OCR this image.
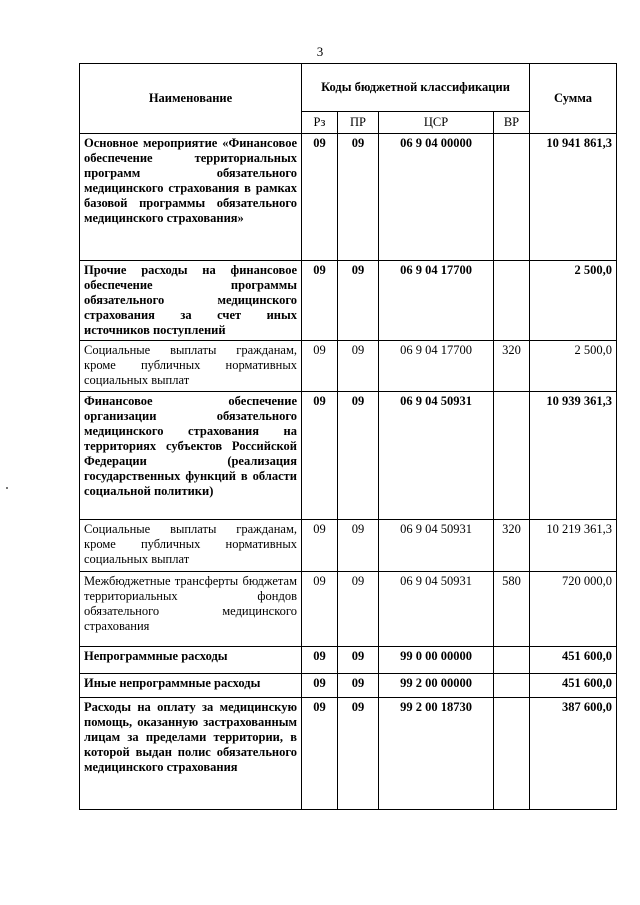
3
Наименование	Коды бюджетной классификации				Сумма
	Рз	ПР	ЦСР	ВР	
Основное мероприятие «Финансовое обеспечение территориальных программ обязательного медицинского страхования в рамках базовой программы обязательного медицинского страхования»	09	09	06 9 04 00000		10 941 861,3
Прочие расходы на финансовое обеспечение программы обязательного медицинского страхования за счет иных источников поступлений	09	09	06 9 04 17700		2 500,0
Социальные выплаты гражданам, кроме публичных нормативных социальных выплат	09	09	06 9 04 17700	320	2 500,0
Финансовое обеспечение организации обязательного медицинского страхования на территориях субъектов Российской Федерации (реализация государственных функций в области социальной политики)	09	09	06 9 04 50931		10 939 361,3
Социальные выплаты гражданам, кроме публичных нормативных социальных выплат	09	09	06 9 04 50931	320	10 219 361,3
Межбюджетные трансферты бюджетам территориальных фондов обязательного медицинского страхования	09	09	06 9 04 50931	580	720 000,0
Непрограммные расходы	09	09	99 0 00 00000		451 600,0
Иные непрограммные расходы	09	09	99 2 00 00000		451 600,0
Расходы на оплату за медицинскую помощь, оказанную застрахованным лицам за пределами территории, в которой выдан полис обязательного медицинского страхования	09	09	99 2 00 18730		387 600,0
